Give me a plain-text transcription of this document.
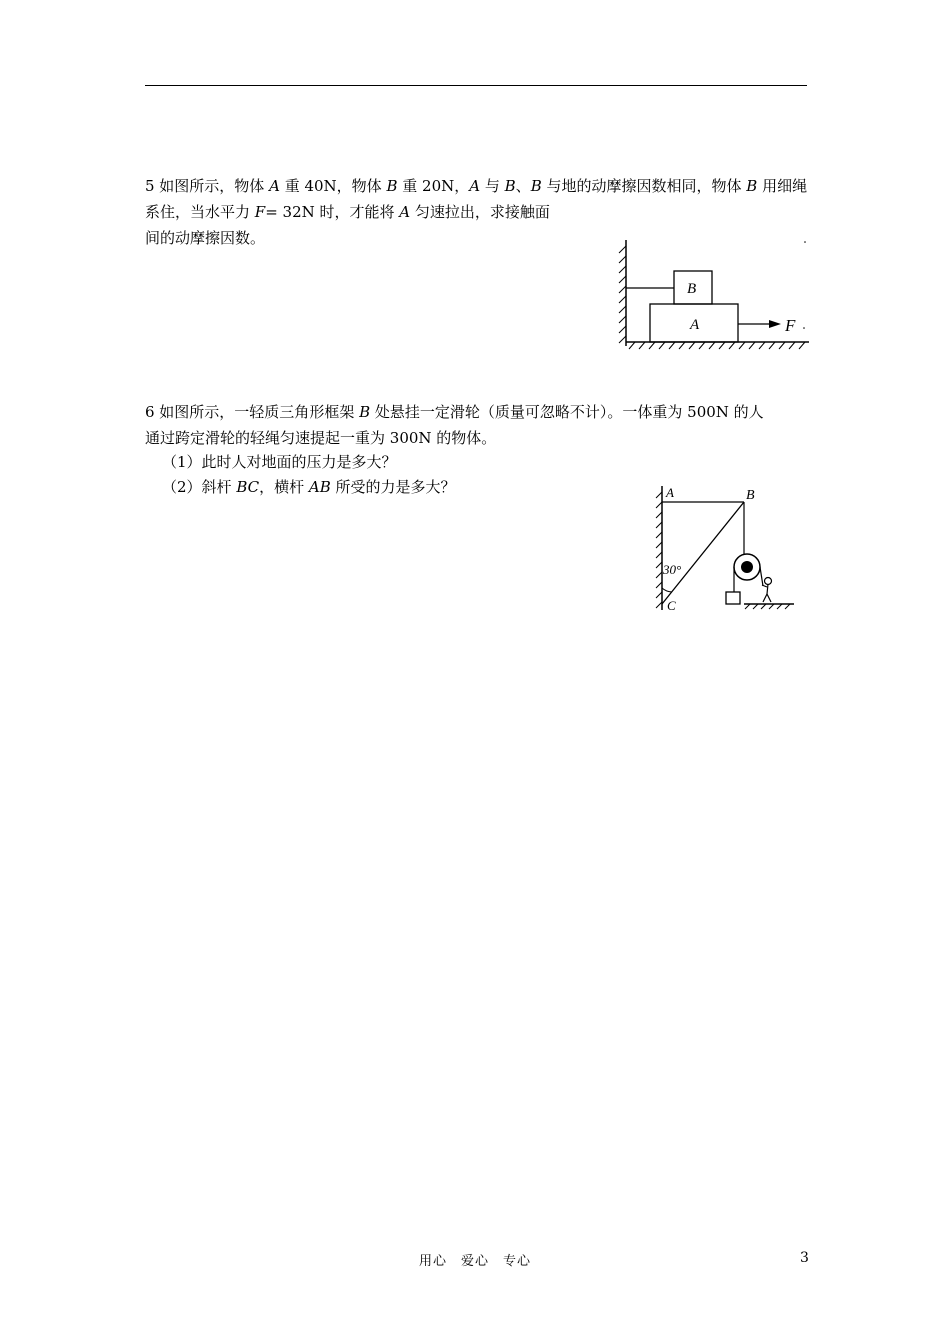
5 如图所示，物体 A 重 40N，物体 B 重 20N，A 与 B、B 与地的动摩擦因数相同，物体 B 用细绳
系住，当水平力 F= 32N 时，才能将 A 匀速拉出，求接触面
间的动摩擦因数。
A
B
F
6 如图所示，一轻质三角形框架 B 处悬挂一定滑轮（质量可忽略不计）。一体重为 500N 的人
通过跨定滑轮的轻绳匀速提起一重为 300N 的物体。
（1）此时人对地面的压力是多大？
（2）斜杆 BC，横杆 AB 所受的力是多大？	A	B
C
30°
用心　爱心　专心	3
